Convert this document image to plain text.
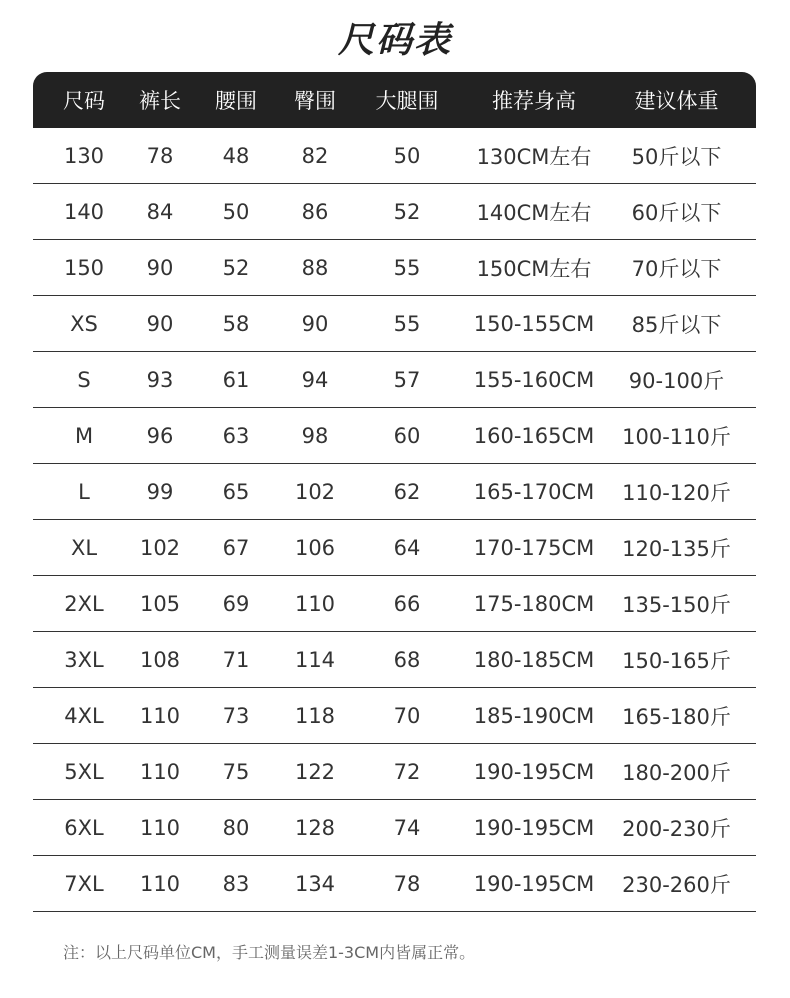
尺码表
尺码	裤长	腰围	臀围	大腿围	推荐身高	建议体重
130	78	48	82	50	130CM左右	50斤以下
140	84	50	86	52	140CM左右	60斤以下
150	90	52	88	55	150CM左右	70斤以下
XS	90	58	90	55	150-155CM	85斤以下
S	93	61	94	57	155-160CM	90-100斤
M	96	63	98	60	160-165CM	100-110斤
L	99	65	102	62	165-170CM	110-120斤
XL	102	67	106	64	170-175CM	120-135斤
2XL	105	69	110	66	175-180CM	135-150斤
3XL	108	71	114	68	180-185CM	150-165斤
4XL	110	73	118	70	185-190CM	165-180斤
5XL	110	75	122	72	190-195CM	180-200斤
6XL	110	80	128	74	190-195CM	200-230斤
7XL	110	83	134	78	190-195CM	230-260斤
注：以上尺码单位CM，手工测量误差1-3CM内皆属正常。
